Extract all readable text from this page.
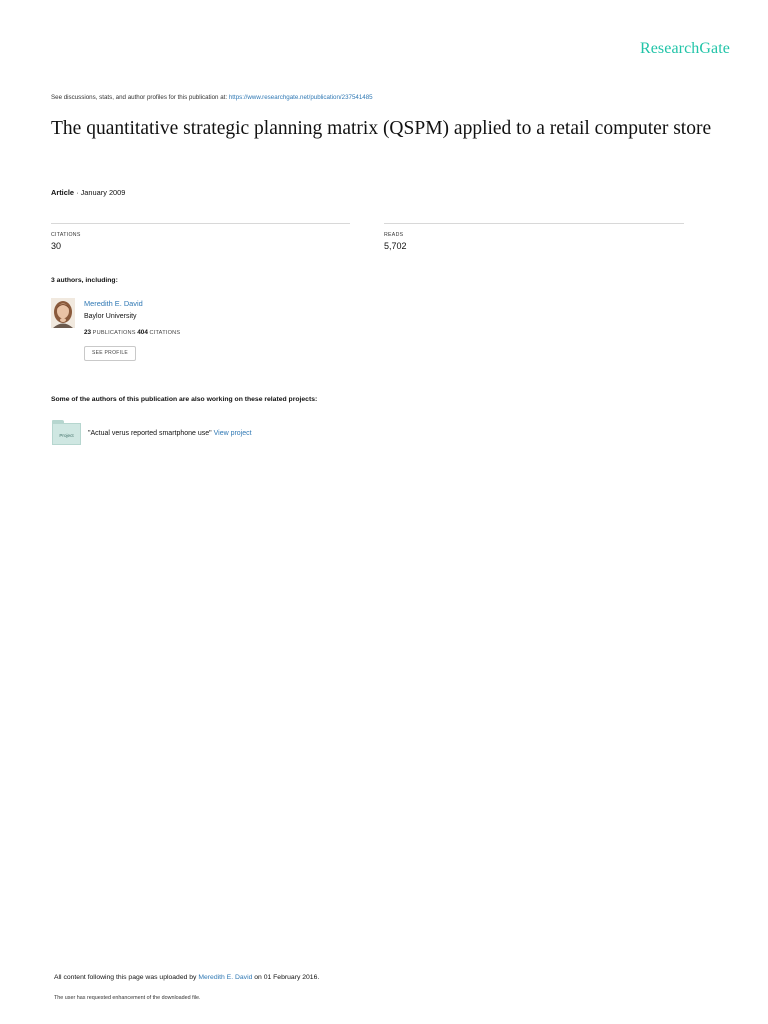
ResearchGate
See discussions, stats, and author profiles for this publication at: https://www.researchgate.net/publication/237541485
The quantitative strategic planning matrix (QSPM) applied to a retail computer store
Article · January 2009
CITATIONS
30
READS
5,702
3 authors, including:
Meredith E. David
Baylor University
23 PUBLICATIONS 404 CITATIONS
SEE PROFILE
Some of the authors of this publication are also working on these related projects:
Project	"Actual verus reported smartphone use" View project
All content following this page was uploaded by Meredith E. David on 01 February 2016.
The user has requested enhancement of the downloaded file.
